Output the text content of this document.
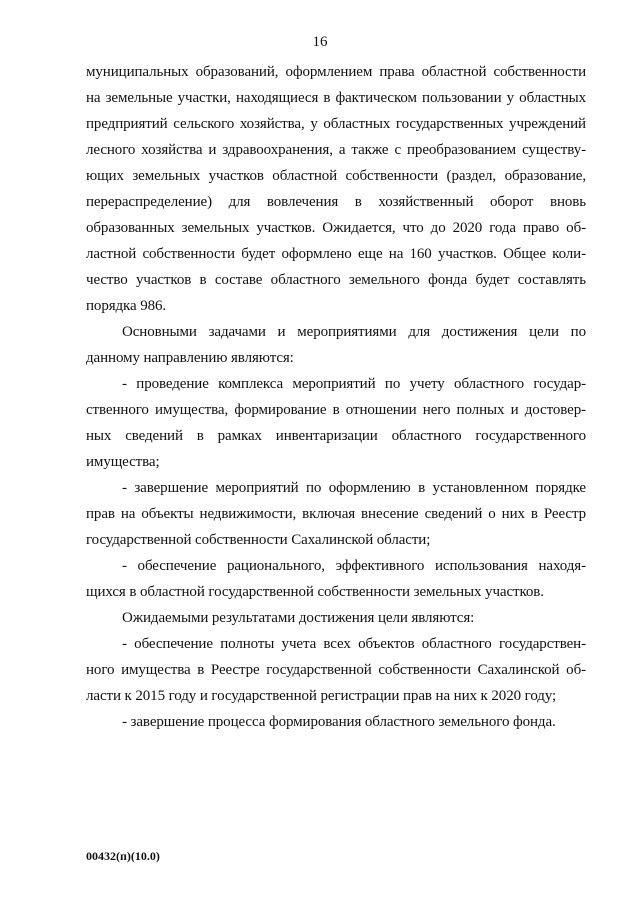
16
муниципальных образований, оформлением права областной собственности
на земельные участки, находящиеся в фактическом пользовании у областных
предприятий сельского хозяйства, у областных государственных учреждений
лесного хозяйства и здравоохранения, а также с преобразованием существу-
ющих земельных участков областной собственности (раздел, образование,
перераспределение) для вовлечения в хозяйственный оборот вновь
образованных земельных участков. Ожидается, что до 2020 года право об-
ластной собственности будет оформлено еще на 160 участков. Общее коли-
чество участков в составе областного земельного фонда будет составлять
порядка 986.
Основными задачами и мероприятиями для достижения цели по
данному направлению являются:
- проведение комплекса мероприятий по учету областного государ-
ственного имущества, формирование в отношении него полных и достовер-
ных сведений в рамках инвентаризации областного государственного
имущества;
- завершение мероприятий по оформлению в установленном порядке
прав на объекты недвижимости, включая внесение сведений о них в Реестр
государственной собственности Сахалинской области;
- обеспечение рационального, эффективного использования находя-
щихся в областной государственной собственности земельных участков.
Ожидаемыми результатами достижения цели являются:
- обеспечение полноты учета всех объектов областного государствен-
ного имущества в Реестре государственной собственности Сахалинской об-
ласти к 2015 году и государственной регистрации прав на них к 2020 году;
- завершение процесса формирования областного земельного фонда.
00432(п)(10.0)
